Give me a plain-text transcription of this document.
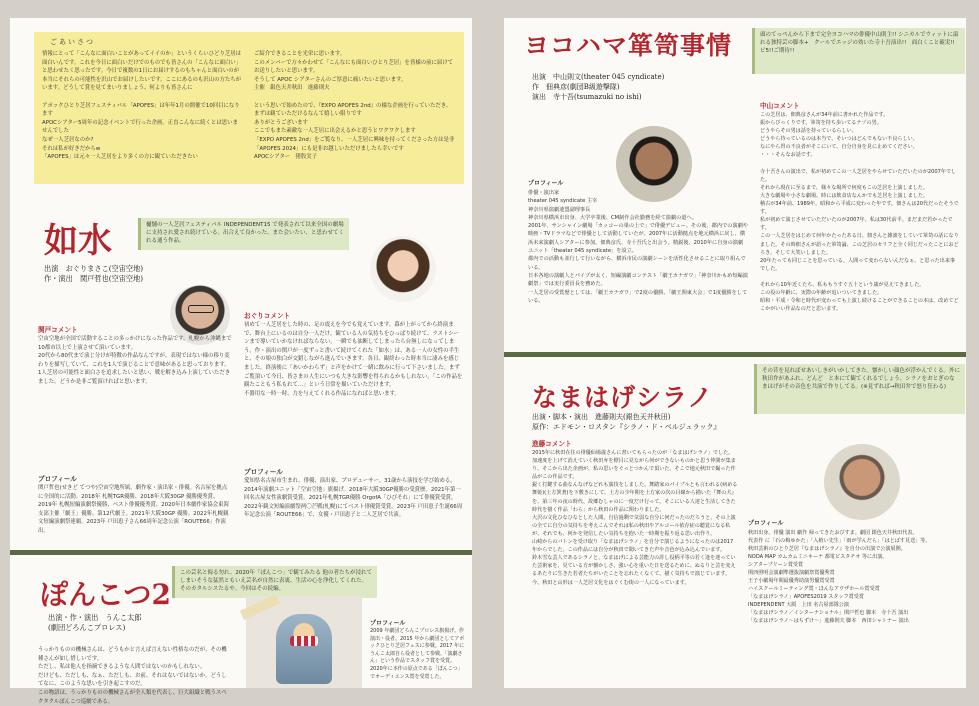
ごあいさつ
情報にとって「こんなに面白いことがあってイイのか」というくらいひどり芝居は面白いんです。これを今日に面白いだけでのものでも皆さんの「こんなに面白い」と思わせたく思ったです。今日で複数の1日にお届けするのもちゃんと面白いのが本当にそれらの可能性を沢山でお届けしたいです。ここにあるのも沢山の方たちがいます。どうして賞を見てまいりましょう、何よりも皆さんに

アポックひとり芝居フェスティバル「APOFES」は年年1月の開催で10回目になります
APOCシアター5周年の記念イベントで行った企画。正直こんなに続くとは思いませんでした
なぜ一人芝居なのか?
それは私が好きだからw
「APOFES」は元々一人芝居をより多くの方に観ていただきたい
ご紹介できることを光栄に思います。
このメンバーで方々かわせて「こんなにも面白いひとり芝居」を皆様の前に届けてお送りしたいと思います。
そうして APOC シアターさんのご厚意に痛いたいと思います。
主催　銀色天井秋田　進藤則夫

という思いで始めたので、『EXPO APOFES 2nd』の様な企画を行っていただき、まずは観ていただけるなんて嬉しい限りです
ありがとうございます
ここでもまた素敵な一人芝居に出会えるかと思うとワクワクします
「EXPO APOFES 2nd」をご覧なり、一人芝居に興味を持ってくださった方は是非「APOFES 2024」にも是非お越しいただけましたら幸いです
APOCシアター　猪股実子
如水	樋舗の一人芝居フェスティバル INDEPENDENT15 で発表されて以来全国の劇場に支持され愛され続けている。出合えて良かった、また会いたい、と思わせてくれる通う作品。
出演　おぐりまさこ(空宙空地)
作・演出　関戸哲也(空宙空地)
関戸コメント
空宙空地が全国で活動することの多っかけになった作品です。札幌から沖縄まで10都市以上で上演させて頂いています。
20代から80代まで演じ分けが特徴の作品なんですが、表現ではない様の移り変わりを描写していて、これを1人で演じることで意味があると思っております。
1人芝居の可能性と面白さを追求したいと思い、戦を解き込み上演していただきました。どうか是非ご覧頂ければと思います。
プロフィール
関戸哲也(せきど てつや)空宙空地所属。劇作家・演出家・俳優。名古屋を拠点に全国的に活動。2018年 札幌TGR優勝、2018年大阪30GP 優勝優秀賞、2019年 札幌短編演劇祭優勝、ベスト俳優優秀賞。2020年日本劇作家協会東海支部主催「劇王」優勝。第12代劇王。2021年大阪30GP 優勝。2022年札幌観文短編演劇祭連覇。2023年 戸田恵子さん66周年記念公演「ROUTE66」作演出。
おぐりコメント
初めて一人芝居をした時の、足の震えを今でも覚えています。幕が上がってから終演まで、舞台上にいるのは自分一人だけ。観ている人の気持ちをひっぱり続けて、ラストシーンまで導いていかなければならない。一瞬でも油断してしまったら台無しになってしまう。作・演出の関戸が一度ずっと書いて続けてくれた「如水」は、ある一人の女性の半生と、その娘の独白が交錯しながら進んでいきます。各日、観終わった時本当に凄みを感じました。終演後に「あいかわらず」と声をかけて一緒に飲みに行って下さいました。まずご覧頂いて今日、皆さまの人生にいつも大きな影響を得られるかもしれない。「この作品を観たこともう私もれて…」という日常を描いていただけます。
不器用な一時一時、力を与えてくれる作品になればと思います。
プロフィール
愛知県名古屋市生まれ。俳優、演出家、プロデューサー。31歳から演技を学び始める。2014年演劇ユニット「空宙空地」旗揚げ。2018年大阪30GP優勝の受賞歴。2021年第一回名古屋女性演劇賞受賞。2021年札幌TGR優勝 OrgofA「ひびそれ」にて俳優賞受賞。2022年観文短編演劇祭两〇芒戦(札幌)にてベスト俳優賞受賞。2023年 戸田恵子生誕66周年記念公演「ROUTE66」で、女優・戸田恵子と二人芝居で共演。
ぽんこつ2
この芸名と侮る勿れ。2020年「ぽんこつ」で観てみたる 他の者たちが浸れてしまいそうな猛然ともいえ芸名が自然に表裏、生活の心を浄化してくれた。そのカタルシスたるや。今回はその続編。
出演・作・演出　うんこ太郎
(劇団どろんこプロレス)
うっかりものの機械さんは、どうもかと言えば言えない性格なのだが、その機種さんが如し惜しいです。
ただし、私は他人を指摘できるような人間ではないのかもしれない。
だけども、ただしも、なぁ、ただしも、お前、それはないではないか。どうしてなに、このような思いを引き起こすのだ。
この物語は、うっかりものの機械さんが全人類を代表し、巨大組織と戦うスペクタクルぽんこつ巡劇である。
プロフィール
2009 年劇団どろんこプロレス旗揚げ。作演出・役者。2015 年から劇団としてアポックひとり芝居フェスに参戦。2017 年にうんこ太郎自ら役者として参戦、「演劇さん」という作品でスタッフ賞を受賞。2020年に本作の原点である「ぽんこつ」でオーディエンス賞を受賞した。
ヨコハマ箪笥事情	頭のてっぺんから下まで完全ヨコハマの俳優中山則主!! シニカルでウィットに溢れる独特芸の脚本+　クールでエッジの効いた寺十吾演出!!　面白くこと確実!!　ビ5!!ご期待!!
出演　中山則文(theater 045 cyndicate)
作　佃典彦(劇団B級遊撃隊)
演出　寺十吾(tsumazuki no ishi)
プロフィール
俳優・演出家
theater 045 syndicate 主宰
神奈川県演劇連盟副理事長
神奈川県横浜市出身、大学卒業後、CM制作会社勤務を経て演劇の道へ。
2001年、サンシャイン劇場「カッコーの巣の上で」で俳優デビュー。その後、都内での演劇や映画・TVドラマなどで俳優として活動していたが、2007年に活動拠点を地元横浜に戻し、横浜未来演劇人シアターに参加。佃典彦氏、寺十吾氏と出会う。精鋭後、2010年に自身の演劇ユニット「theater 045 syndicate」を設立。
都内での活動も並行して行いながら、横浜市民の演劇シーンを活性化させることに取り組んでいる。
日本各地の演劇人とパイプが太く、短編演劇コンテスト「劇王カナガワ」「神奈川かもめ短編演劇祭」では実行委員長を務めた。
一人芝居の受賞歴としては、「劇王カナガワ」で2度の優勝、「劇王関東大会」で1度優勝をしている。
中山コメント
この芝居は、佃典彦さんが34年前に書かれた作品です。
振からびっくりです。箪笥を持ち歩いてるナゾの男。
どうやらその男は話を持っているらしい。
どうやら待っているのは本当で、そいつはどんでもない不良らしい。
なにやら胃の不良者がそこにいて、自分自身を見に止めてください。
・・・そんなお話です。

寺十吾さんの演出で、私が初めてこの一人芝居をやらせていただいたのが2007年でした。
それから現在に至るまで、様々な場所で何度もこの芝居を上演しました。
大きな劇場や小さな劇場、時には飲食店なんかでも芝居を上演しました。
稽古が34年前、1989年。昭和から平成に変わった年です。佃さんは20代だったそうです。
私が初めて演じさせていただいたのが2007年。私は30代前半。まだまだ若かったです。
この一人芝居をはじめて何年かたったある日、佃さんと雑談をしていて箪笥の話になりました。その時佃さんが語った箪笥論、この芝居のセリフと全く同じだったことにおどろき。そして大笑いしました。
20年たっても同じことを思っている。人間って変わらないんだなぁ、と思った出来事でした。

それから10年近くたち、私ももうすぐ五十という歳が見えてきました。
この役の年齢に、実際の年齢が追いついてきました。
昭和・平成・令和と時代が変わっても上演し続けることができることの本は、改めてどこかがいい作品なのだと思います。
なまはげシラノ
その昔を見ればせあいしきがいかしてきた。懐かしい顔色が浮かんでくる。外に秋田弁があふれ、どんど　と本にて観てくれるでしょう。シラノをおとぎのなまはげがその音色を共演で作りしてる。(※見ずれば→秋田弁で怒り狂わる)
出演・脚本・演出　進藤則夫(銀色天井秋田)
原作：エドモン・ロスタン『シラノ・ド・ベルジュラック』
進藤コメント
2015年に秋田在住の俳優仙場歳さんに書いてもらったのが「なまはげシラノ」でした。加速度を上げて消えていく秋田弁を標目に見ながら何ができないものかと思う仲間が集まり、そこから出た企画が、私の思いをぐっとつかんで頂いた。そこで地元秋田で撮った作品がこの作品です。
鋭く打鍵する曲なんなげなどれも演技をしました。舞踏家のパイブルとも言われる(病める舞姫)(土方巽著)を下敷きにして、土方の少年期を土方家の次の目線から描いた『舞の犬』を、第三年の夜の時代、故郷むしゃのに一度だけ行って、そこにいる人達と生活してきた時代を描く作品「わら」から秋田の作品に関わりました。
大沢の文化ひなひなとした人間、自信過剰で気弱な自分に何だったのだろうと、その上演の全てに自分の気持ちを考えこんでそれは私の秋田やアルコール依存症の聴覚になる私が、それでも、何かを発信したい気持ちを抱いた一時期を振り返る思い出作り。
山崎からのバトンを受け取り「なまはげシラノ」を自分で演じるようになったのは2017年からでした。この作品には自分が秋田で聞いてきた声や音色が込み込んでいます。
鈴木雪な芸人であるシラノと、なまはげによる芸能力の許し役柄平等の若く逢を迷っていた芸術家を、見ている方が懐かしさ、強い心を重いた日を送るために、ぬるりと芸を変えるあたりに生きた若者たちがいたことを忘れたくなくて、描く気持ちで演じています。
今、秋田と山形は一人芝居文化をはぐくむ街の一人になっています。
プロフィール
秋田出身。俳優 演出 劇作 帰ってきたおびすま。劇団 銀色天井秋田代表。
代表作 に「石の梅ゆかた」「入植い先生」「雨が学んだら」「はとばす見送」等。
秋田芸術のひとり芝居『なまはげシラノ』を自分の出演で公演展開。
NODA MAP カムカムミニキーナ 都電ビスタチオ 等に出演。
シアタープリーン賞受賞
関西照明会演劇準選抜演劇祭賞優秀賞
王子小劇場年間最優秀助演男優賞受賞
ハイスクールミーティング賞・ほんなアウザホール賞受賞
「なまはげシラノ」APOFES2019 スタッフ賞受賞
INDEPENDENT 大阪　上田 名古屋部隊公演
「なまはげシラノ／インターナショナル」関戸哲也 脚本　寺十吾 演出
「なまはげシラノ〜はちずけ〜」進藤則夫 脚本　西田シャトナー 演出
